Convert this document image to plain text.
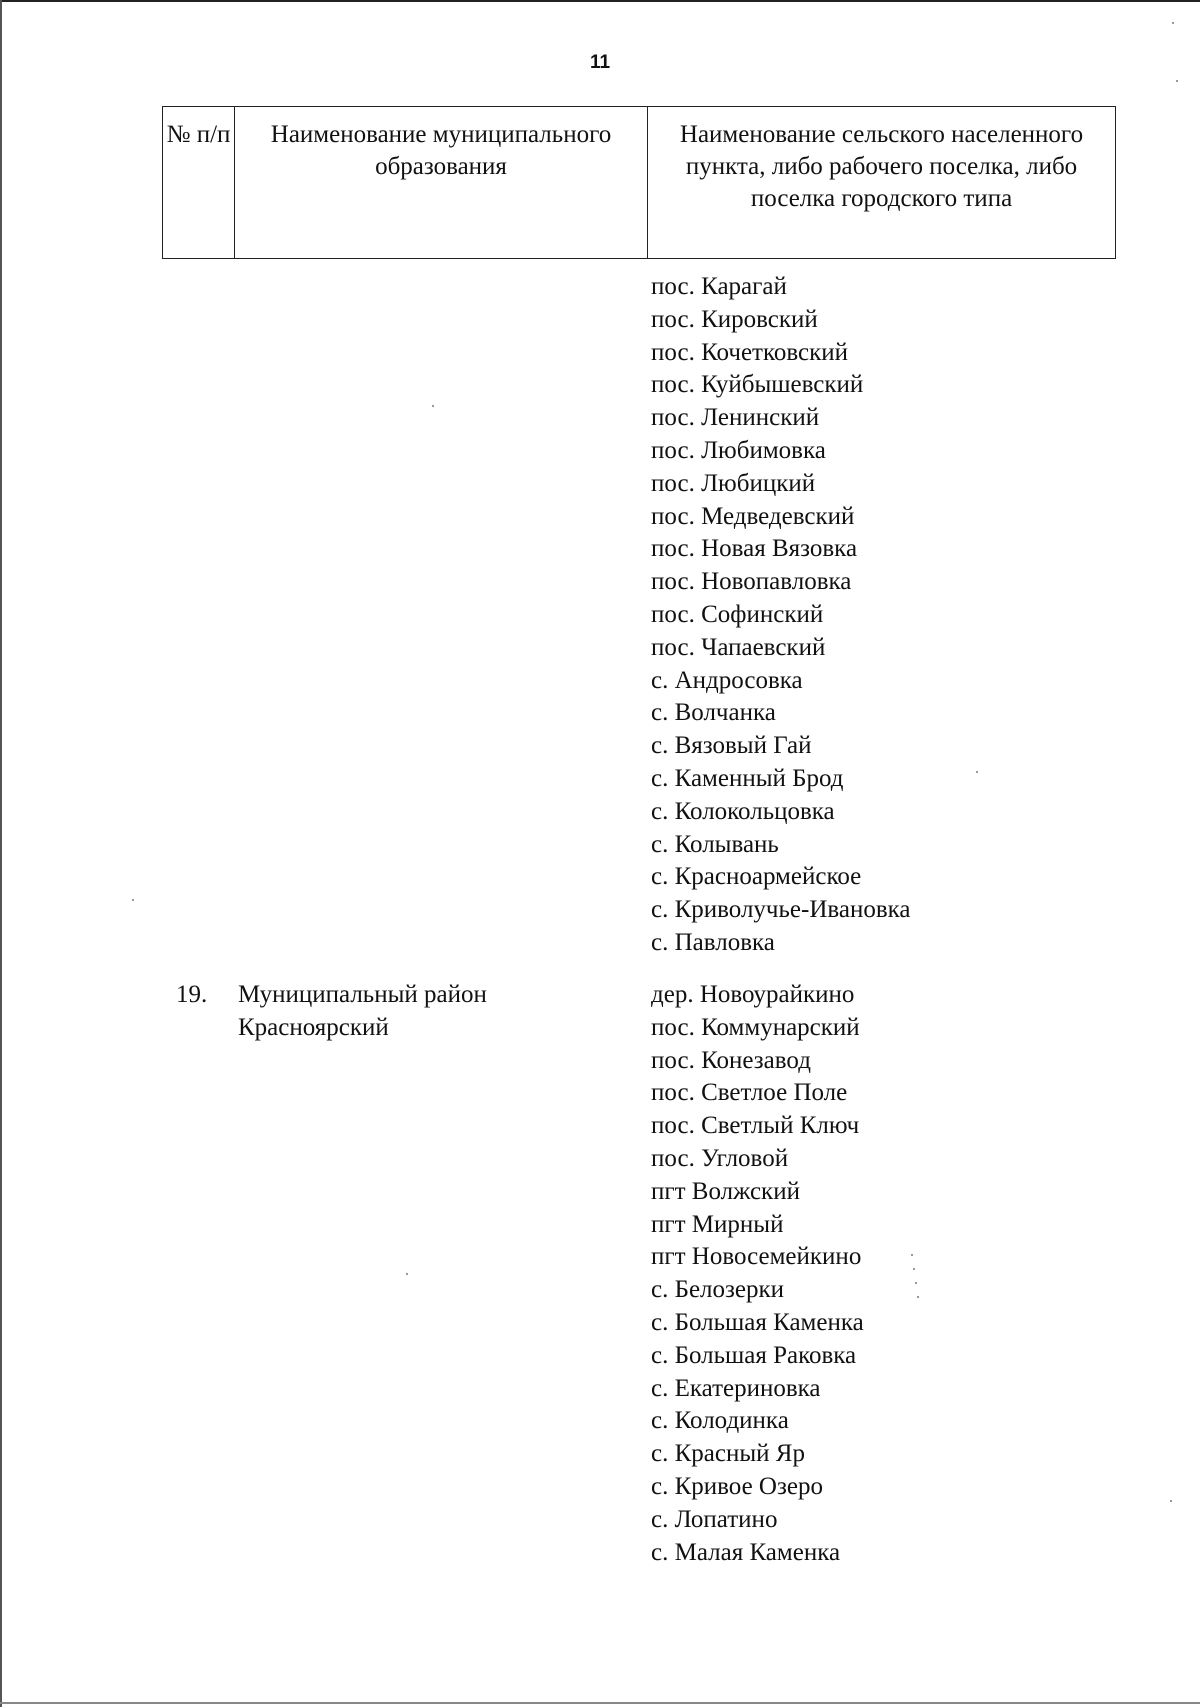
11
№ п/п	Наименование муниципального образования
Наименование сельского населенного пункта, либо рабочего поселка, либо поселка городского типа
пос. Карагай
пос. Кировский
пос. Кочетковский
пос. Куйбышевский
пос. Ленинский
пос. Любимовка
пос. Любицкий
пос. Медведевский
пос. Новая Вязовка
пос. Новопавловка
пос. Софинский
пос. Чапаевский
с. Андросовка
с. Волчанка
с. Вязовый Гай
с. Каменный Брод
с. Колокольцовка
с. Колывань
с. Красноармейское
с. Криволучье-Ивановка
с. Павловка
19. Муниципальный район Красноярский
дер. Новоурайкино
пос. Коммунарский
пос. Конезавод
пос. Светлое Поле
пос. Светлый Ключ
пос. Угловой
пгт Волжский
пгт Мирный
пгт Новосемейкино
с. Белозерки
с. Большая Каменка
с. Большая Раковка
с. Екатериновка
с. Колодинка
с. Красный Яр
с. Кривое Озеро
с. Лопатино
с. Малая Каменка
